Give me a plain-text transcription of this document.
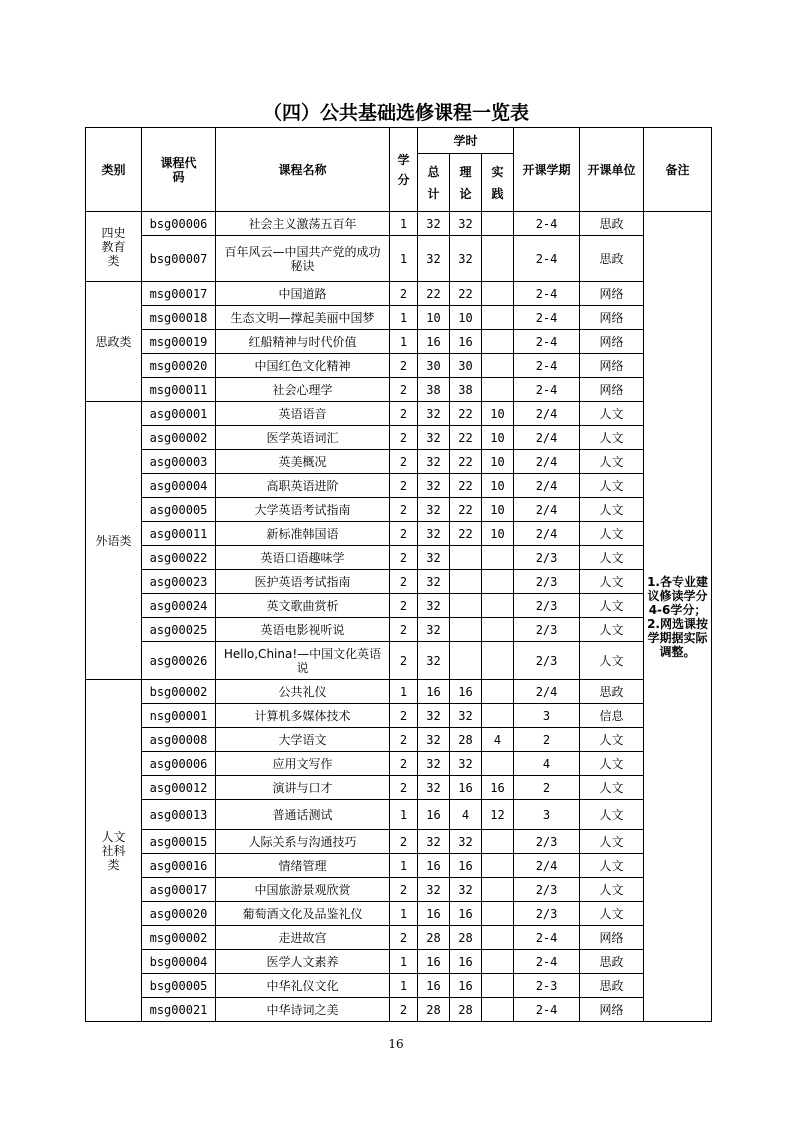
（四）公共基础选修课程一览表
类别	课程代码	课程名称	学分	学时			开课学期	开课单位	备注
				总计	理论	实践			
四史教育类	bsg00006	社会主义激荡五百年	1	32	32		2-4	思政	1.各专业建议修读学分4-6学分；2.网选课按学期据实际调整。
	bsg00007	百年风云—中国共产党的成功秘诀	1	32	32		2-4	思政	
思政类	msg00017	中国道路	2	22	22		2-4	网络	
	msg00018	生态文明—撑起美丽中国梦	1	10	10		2-4	网络	
	msg00019	红船精神与时代价值	1	16	16		2-4	网络	
	msg00020	中国红色文化精神	2	30	30		2-4	网络	
	msg00011	社会心理学	2	38	38		2-4	网络	
外语类	asg00001	英语语音	2	32	22	10	2/4	人文	
	asg00002	医学英语词汇	2	32	22	10	2/4	人文	
	asg00003	英美概况	2	32	22	10	2/4	人文	
	asg00004	高职英语进阶	2	32	22	10	2/4	人文	
	asg00005	大学英语考试指南	2	32	22	10	2/4	人文	
	asg00011	新标准韩国语	2	32	22	10	2/4	人文	
	asg00022	英语口语趣味学	2	32			2/3	人文	
	asg00023	医护英语考试指南	2	32			2/3	人文	
	asg00024	英文歌曲赏析	2	32			2/3	人文	
	asg00025	英语电影视听说	2	32			2/3	人文	
	asg00026	Hello,China!—中国文化英语说	2	32			2/3	人文	
人文社科类	bsg00002	公共礼仪	1	16	16		2/4	思政	
	nsg00001	计算机多媒体技术	2	32	32		3	信息	
	asg00008	大学语文	2	32	28	4	2	人文	
	asg00006	应用文写作	2	32	32		4	人文	
	asg00012	演讲与口才	2	32	16	16	2	人文	
	asg00013	普通话测试	1	16	4	12	3	人文	
	asg00015	人际关系与沟通技巧	2	32	32		2/3	人文	
	asg00016	情绪管理	1	16	16		2/4	人文	
	asg00017	中国旅游景观欣赏	2	32	32		2/3	人文	
	asg00020	葡萄酒文化及品鉴礼仪	1	16	16		2/3	人文	
	msg00002	走进故宫	2	28	28		2-4	网络	
	bsg00004	医学人文素养	1	16	16		2-4	思政	
	bsg00005	中华礼仪文化	1	16	16		2-3	思政	
	msg00021	中华诗词之美	2	28	28		2-4	网络	
16
